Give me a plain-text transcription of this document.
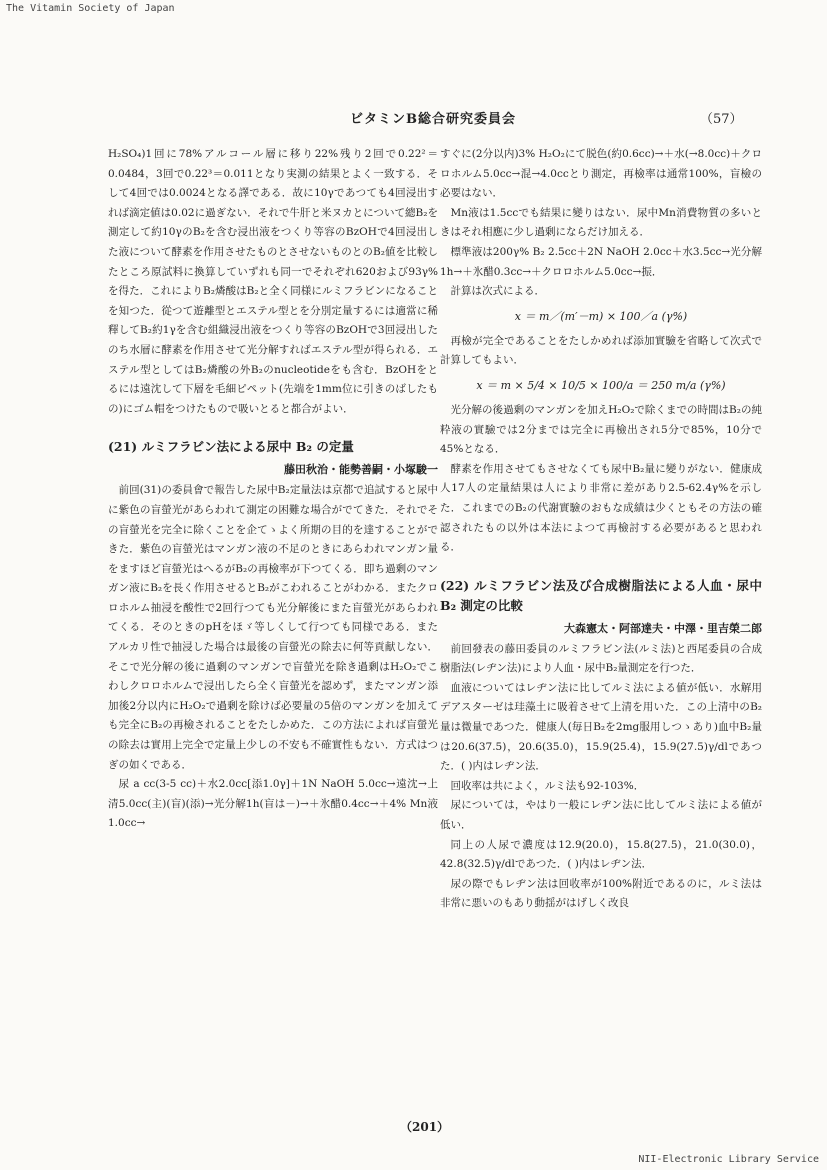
The Vitamin Society of Japan
ビタミンB総合研究委員会	（57）

H₂SO₄)1回に78%アルコール層に移り22%残り2回で0.22²＝0.0484，3回で0.22³＝0.011となり実測の結果とよく一致する．そして4回では0.0024となる譯である．故に10γであつても4回浸出すれば滴定値は0.02に過ぎない．それで牛肝と米ヌカとについて總B₂を測定して約10γのB₂を含む浸出液をつくり等容のBzOHで4回浸出した液について酵素を作用させたものとさせないものとのB₂値を比較したところ原試料に換算していずれも同一でそれぞれ620および93γ%を得た．これによりB₂燐酸はB₂と全く同様にルミフラビンになることを知つた．從つて遊離型とエステル型とを分別定量するには適當に稀釋してB₂約1γを含む組織浸出液をつくり等容のBzOHで3回浸出したのち水層に酵素を作用させて光分解すればエステル型が得られる．エステル型としてはB₂燐酸の外B₂のnucleotideをも含む．BzOHをとるには遠沈して下層を毛細ピペット(先端を1mm位に引きのばしたもの)にゴム帽をつけたもので吸いとると都合がよい．

(21) ルミフラビン法による尿中 B₂ の定量
藤田秋治・能勢善嗣・小塚駿一

前回(31)の委員會で報告した尿中B₂定量法は京都で追試すると尿中に紫色の盲螢光があらわれて測定の困難な場合がでてきた．それでその盲螢光を完全に除くことを企てゝよく所期の目的を達することができた．紫色の盲螢光はマンガン液の不足のときにあらわれマンガン量をますほど盲螢光はへるがB₂の再檢率が下つてくる．即ち過剰のマンガン液にB₂を長く作用させるとB₂がこわれることがわかる．またクロロホルム抽浸を酸性で2回行つても光分解後にまた盲螢光があらわれてくる．そのときのpHをほゞ等しくして行つても同様である．またアルカリ性で抽浸した場合は最後の盲螢光の除去に何等貢献しない．そこで光分解の後に過剰のマンガンで盲螢光を除き過剰はH₂O₂でこわしクロロホルムで浸出したら全く盲螢光を認めず，またマンガン添加後2分以内にH₂O₂で過剰を除けば必要量の5倍のマンガンを加えても完全にB₂の再檢されることをたしかめた．この方法によれば盲螢光の除去は實用上完全で定量上少しの不安も不確實性もない．方式はつぎの如くである．

尿 a cc(3-5 cc)＋水2.0cc[添1.0γ]＋1N NaOH 5.0cc→遠沈→上清5.0cc(主)(盲)(添)→光分解1h(盲は－)→＋氷醋0.4cc→＋4% Mn液1.0cc→

すぐに(2分以内)3% H₂O₂にて脱色(約0.6cc)→＋水(→8.0cc)＋クロロホルム5.0cc→混→4.0ccとり測定，再檢率は通常100%，盲檢の必要はない．

Mn液は1.5ccでも結果に變りはない．尿中Mn消費物質の多いときはそれ相應に少し過剰にならだけ加える．

標準液は200γ% B₂ 2.5cc＋2N NaOH 2.0cc＋水3.5cc→光分解1h→＋氷醋0.3cc→＋クロロホルム5.0cc→振．

計算は次式による．

x ＝ m／(m′－m) × 100／a (γ%)

再檢が完全であることをたしかめれば添加實驗を省略して次式で計算してもよい．

x ＝ m × 5/4 × 10/5 × 100/a ＝ 250 m/a (γ%)

光分解の後過剰のマンガンを加えH₂O₂で除くまでの時間はB₂の純粋液の實驗では2分までは完全に再檢出され5分で85%，10分で45%となる．

酵素を作用させてもさせなくても尿中B₂量に變りがない．健康成人17人の定量結果は人により非常に差があり2.5-62.4γ%を示した．これまでのB₂の代謝實驗のおもな成績は少くともその方法の確認されたもの以外は本法によつて再檢討する必要があると思われる．

(22) ルミフラビン法及び合成樹脂法による人血・尿中 B₂ 測定の比較
大森憲太・阿部達夫・中澤・里吉榮二郎

前回發表の藤田委員のルミフラビン法(ルミ法)と西尾委員の合成樹脂法(レヂン法)により人血・尿中B₂量測定を行つた．

血液についてはレヂン法に比してルミ法による値が低い．水解用デアスターゼは珪藻土に吸着させて上清を用いた．この上清中のB₂量は微量であつた．健康人(毎日B₂を2mg服用しつゝあり)血中B₂量は20.6(37.5)，20.6(35.0)，15.9(25.4)，15.9(27.5)γ/dlであつた．( )内はレヂン法．

回收率は共によく，ルミ法も92-103%．

尿については，やはり一般にレヂン法に比してルミ法による値が低い．

同上の人尿で濃度は12.9(20.0)，15.8(27.5)，21.0(30.0)，42.8(32.5)γ/dlであつた．( )内はレヂン法．

尿の際でもレヂン法は回收率が100%附近であるのに，ルミ法は非常に悪いのもあり動揺がはげしく改良

（201）
NII-Electronic Library Service
